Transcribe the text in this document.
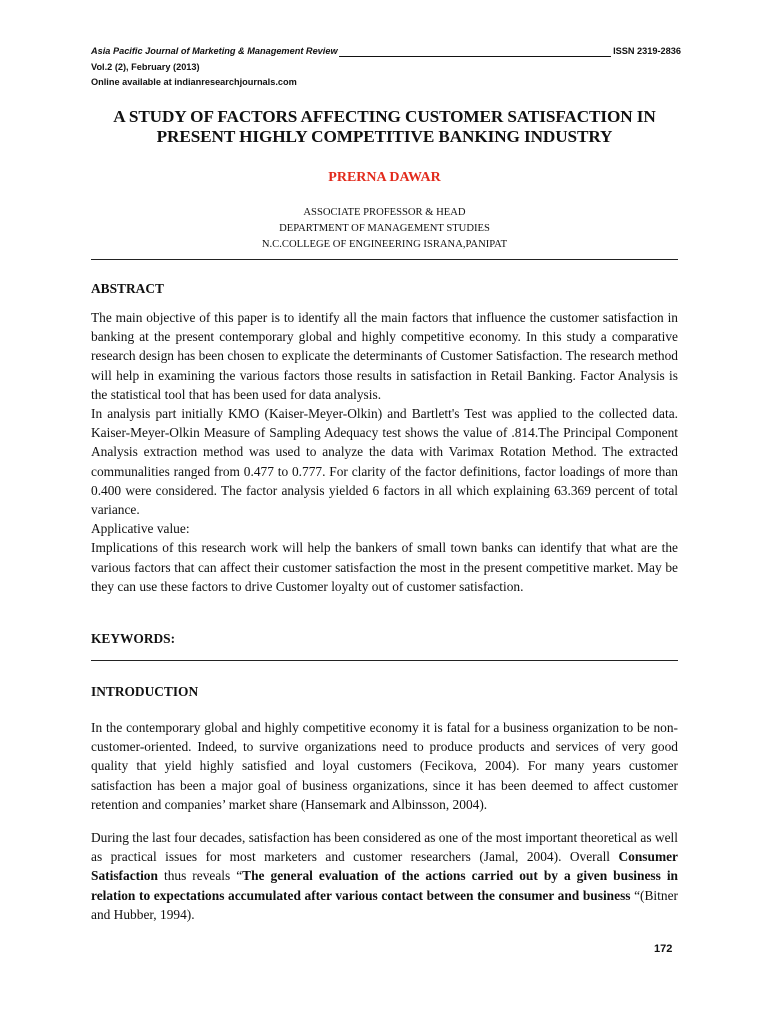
Asia Pacific Journal of Marketing & Management Review	ISSN 2319-2836
Vol.2 (2), February (2013)
Online available at indianresearchjournals.com
A STUDY OF FACTORS AFFECTING CUSTOMER SATISFACTION IN
PRESENT HIGHLY COMPETITIVE BANKING INDUSTRY
PRERNA DAWAR
ASSOCIATE PROFESSOR & HEAD
DEPARTMENT OF MANAGEMENT STUDIES
N.C.COLLEGE OF ENGINEERING ISRANA,PANIPAT
ABSTRACT

The main objective of this paper is to identify all the main factors that influence the customer satisfaction in banking at the present contemporary global and highly competitive economy. In this study a comparative research design has been chosen to explicate the determinants of Customer Satisfaction. The research method will help in examining the various factors those results in satisfaction in Retail Banking. Factor Analysis is the statistical tool that has been used for data analysis.

In analysis part initially KMO (Kaiser-Meyer-Olkin) and Bartlett's Test was applied to the collected data. Kaiser-Meyer-Olkin Measure of Sampling Adequacy test shows the value of .814.The Principal Component Analysis extraction method was used to analyze the data with Varimax Rotation Method. The extracted communalities ranged from 0.477 to 0.777. For clarity of the factor definitions, factor loadings of more than 0.400 were considered. The factor analysis yielded 6 factors in all which explaining 63.369 percent of total variance.

Applicative value:

Implications of this research work will help the bankers of small town banks can identify that what are the various factors that can affect their customer satisfaction the most in the present competitive market. May be they can use these factors to drive Customer loyalty out of customer satisfaction.

KEYWORDS:
INTRODUCTION

In the contemporary global and highly competitive economy it is fatal for a business organization to be non-customer-oriented. Indeed, to survive organizations need to produce products and services of very good quality that yield highly satisfied and loyal customers (Fecikova, 2004). For many years customer satisfaction has been a major goal of business organizations, since it has been deemed to affect customer retention and companies’ market share (Hansemark and Albinsson, 2004).

During the last four decades, satisfaction has been considered as one of the most important theoretical as well as practical issues for most marketers and customer researchers (Jamal, 2004). Overall Consumer Satisfaction thus reveals “The general evaluation of the actions carried out by a given business in relation to expectations accumulated after various contact between the consumer and business “(Bitner and Hubber, 1994).

172
